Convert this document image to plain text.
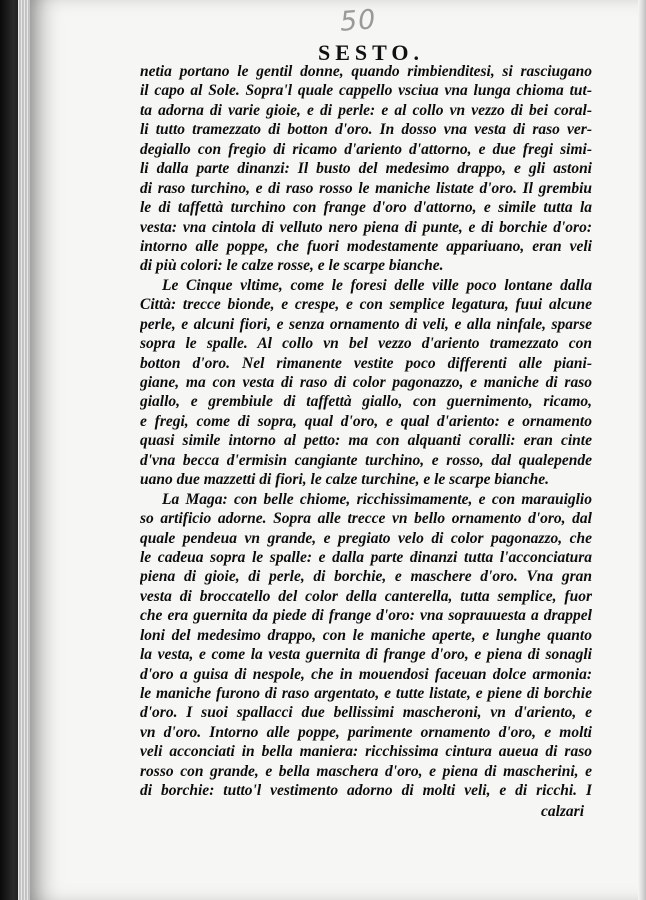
50
SESTO.
netia portano le gentil donne, quando rimbienditesi, si rasciugano
il capo al Sole. Sopra'l quale cappello vsciua vna lunga chioma tut-
ta adorna di varie gioie, e di perle: e al collo vn vezzo di bei coral-
li tutto tramezzato di botton d'oro. In dosso vna vesta di raso ver-
degiallo con fregio di ricamo d'ariento d'attorno, e due fregi simi-
li dalla parte dinanzi: Il busto del medesimo drappo, e gli astoni
di raso turchino, e di raso rosso le maniche listate d'oro. Il grembiu
le di taffettà turchino con frange d'oro d'attorno, e simile tutta la
vesta: vna cintola di velluto nero piena di punte, e di borchie d'oro:
intorno alle poppe, che fuori modestamente appariuano, eran veli
di più colori: le calze rosse, e le scarpe bianche.
Le Cinque vltime, come le foresi delle ville poco lontane dalla
Città: trecce bionde, e crespe, e con semplice legatura, fuui alcune
perle, e alcuni fiori, e senza ornamento di veli, e alla ninfale, sparse
sopra le spalle. Al collo vn bel vezzo d'ariento tramezzato con
botton d'oro. Nel rimanente vestite poco differenti alle piani-
giane, ma con vesta di raso di color pagonazzo, e maniche di raso
giallo, e grembiule di taffettà giallo, con guernimento, ricamo,
e fregi, come di sopra, qual d'oro, e qual d'ariento: e ornamento
quasi simile intorno al petto: ma con alquanti coralli: eran cinte
d'vna becca d'ermisin cangiante turchino, e rosso, dal qualepende
uano due mazzetti di fiori, le calze turchine, e le scarpe bianche.
La Maga: con belle chiome, ricchissimamente, e con marauiglio
so artificio adorne. Sopra alle trecce vn bello ornamento d'oro, dal
quale pendeua vn grande, e pregiato velo di color pagonazzo, che
le cadeua sopra le spalle: e dalla parte dinanzi tutta l'acconciatura
piena di gioie, di perle, di borchie, e maschere d'oro. Vna gran
vesta di broccatello del color della canterella, tutta semplice, fuor
che era guernita da piede di frange d'oro: vna soprauuesta a drappel
loni del medesimo drappo, con le maniche aperte, e lunghe quanto
la vesta, e come la vesta guernita di frange d'oro, e piena di sonagli
d'oro a guisa di nespole, che in mouendosi faceuan dolce armonia:
le maniche furono di raso argentato, e tutte listate, e piene di borchie
d'oro. I suoi spallacci due bellissimi mascheroni, vn d'ariento, e
vn d'oro. Intorno alle poppe, parimente ornamento d'oro, e molti
veli acconciati in bella maniera: ricchissima cintura aueua di raso
rosso con grande, e bella maschera d'oro, e piena di mascherini, e
di borchie: tutto'l vestimento adorno di molti veli, e di ricchi. I
calzari
